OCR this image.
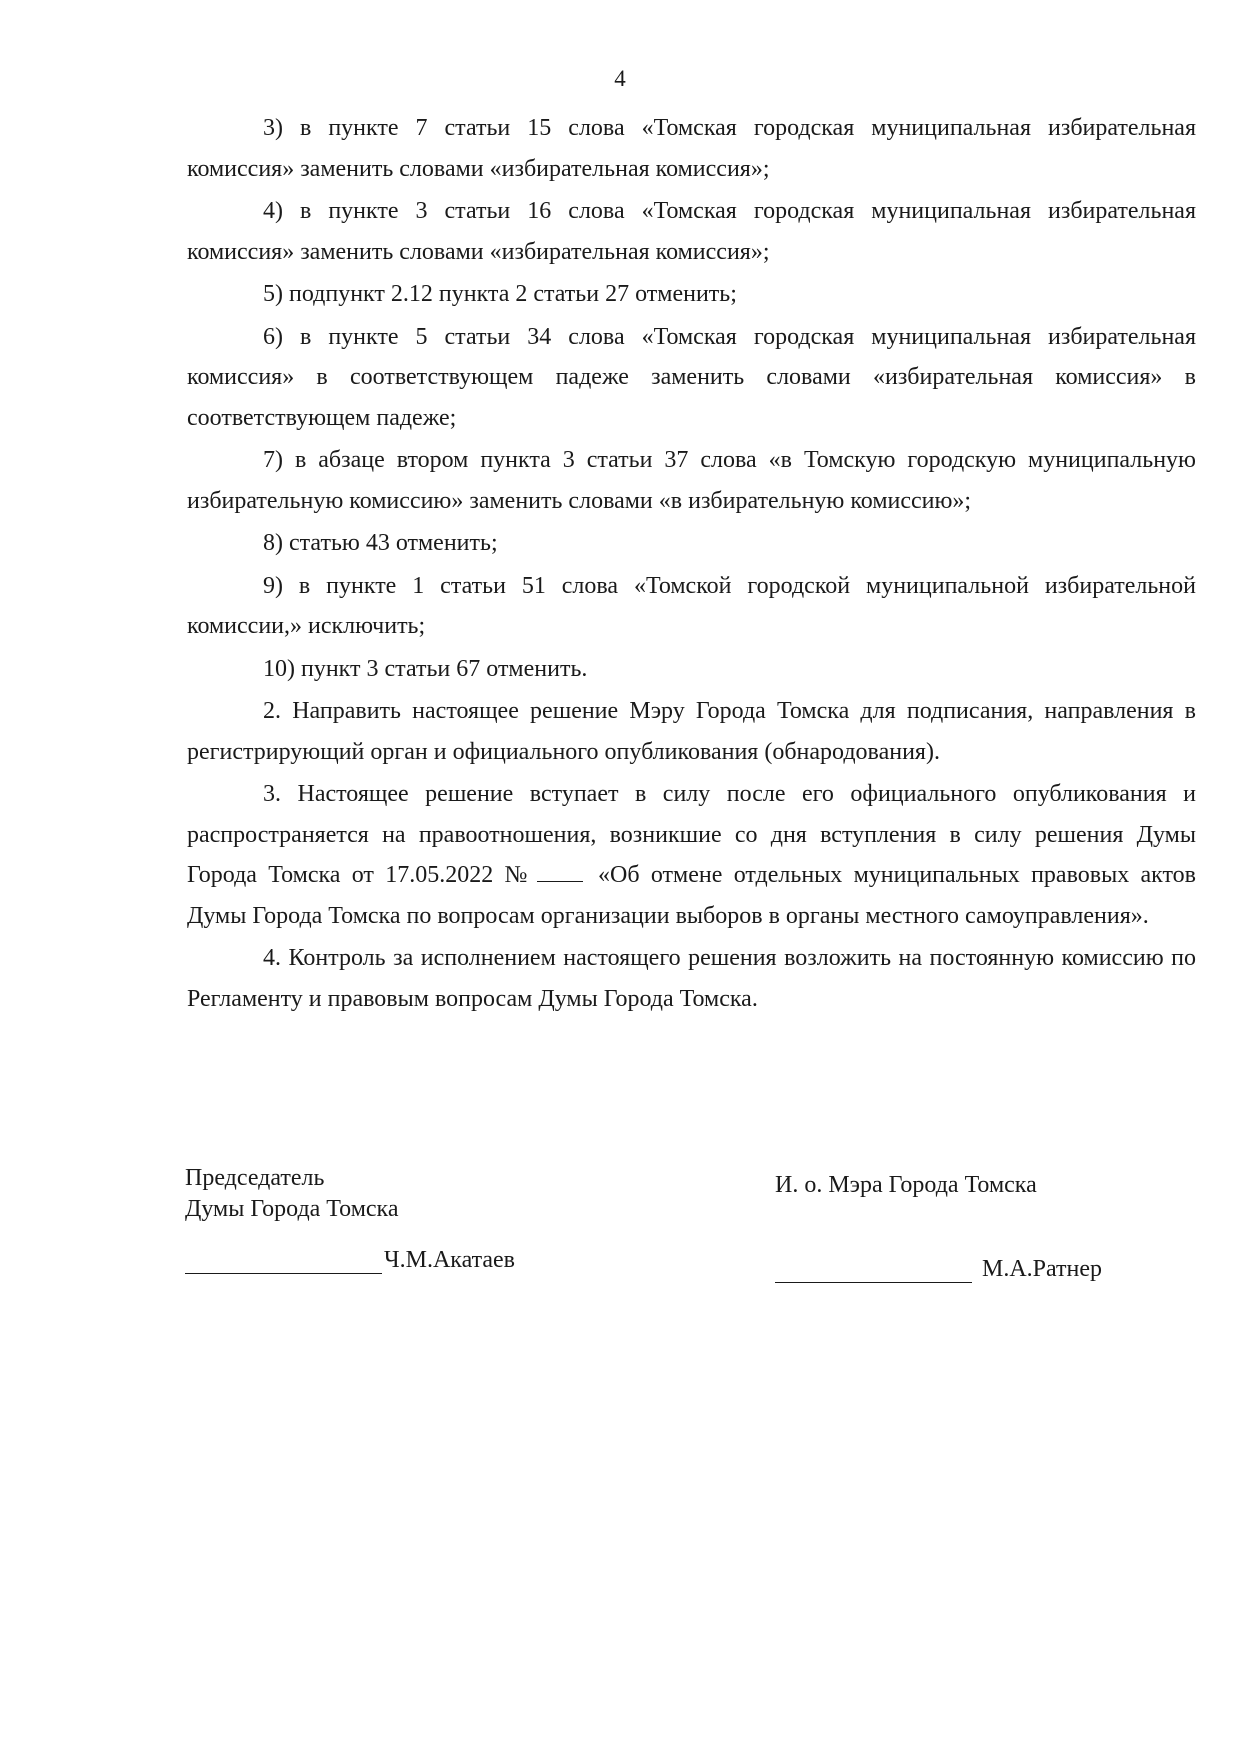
4

3) в пункте 7 статьи 15 слова «Томская городская муниципальная избирательная комиссия» заменить словами «избирательная комиссия»;

4) в пункте 3 статьи 16 слова «Томская городская муниципальная избирательная комиссия» заменить словами «избирательная комиссия»;

5) подпункт 2.12 пункта 2 статьи 27 отменить;

6) в пункте 5 статьи 34 слова «Томская городская муниципальная избирательная комиссия» в соответствующем падеже заменить словами «избирательная комиссия» в соответствующем падеже;

7) в абзаце втором пункта 3 статьи 37 слова «в Томскую городскую муниципальную избирательную комиссию» заменить словами «в избирательную комиссию»;

8) статью 43 отменить;

9) в пункте 1 статьи 51 слова «Томской городской муниципальной избирательной комиссии,» исключить;

10) пункт 3 статьи 67 отменить.

2. Направить настоящее решение Мэру Города Томска для подписания, направления в регистрирующий орган и официального опубликования (обнародования).

3. Настоящее решение вступает в силу после его официального опубликования и распространяется на правоотношения, возникшие со дня вступления в силу решения Думы Города Томска от 17.05.2022 №	«Об отмене отдельных муниципальных правовых актов Думы Города Томска по вопросам организации выборов в органы местного самоуправления».

4. Контроль за исполнением настоящего решения возложить на постоянную комиссию по Регламенту и правовым вопросам Думы Города Томска.

Председатель
Думы Города Томска
Ч.М.Акатаев
И. о. Мэра Города Томска
М.А.Ратнер
